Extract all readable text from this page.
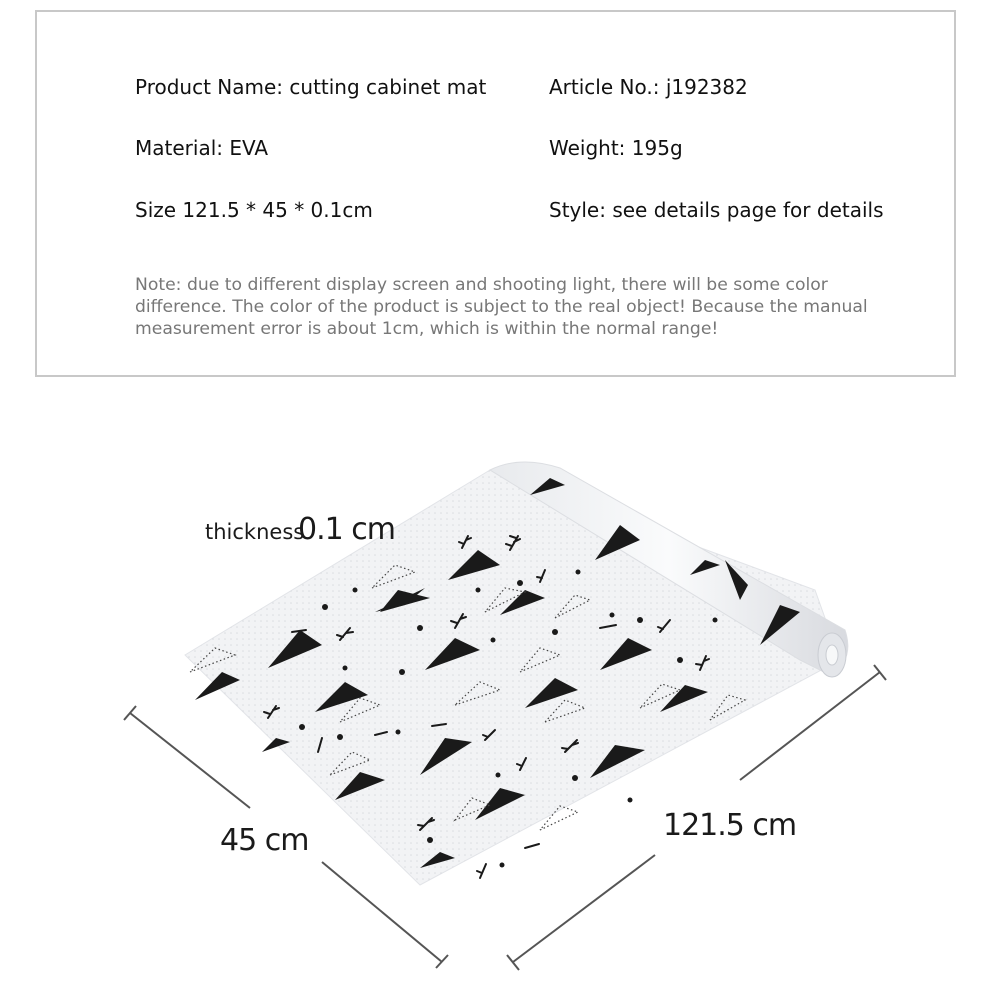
Product Name: cutting cabinet mat	Article No.: j192382
Material: EVA	Weight: 195g
Size 121.5 * 45 * 0.1cm	Style: see details page for details
Note: due to different display screen and shooting light, there will be some color difference. The color of the product is subject to the real object! Because the manual measurement error is about 1cm, which is within the normal range!
thickness
0.1 cm
45 cm	121.5 cm
